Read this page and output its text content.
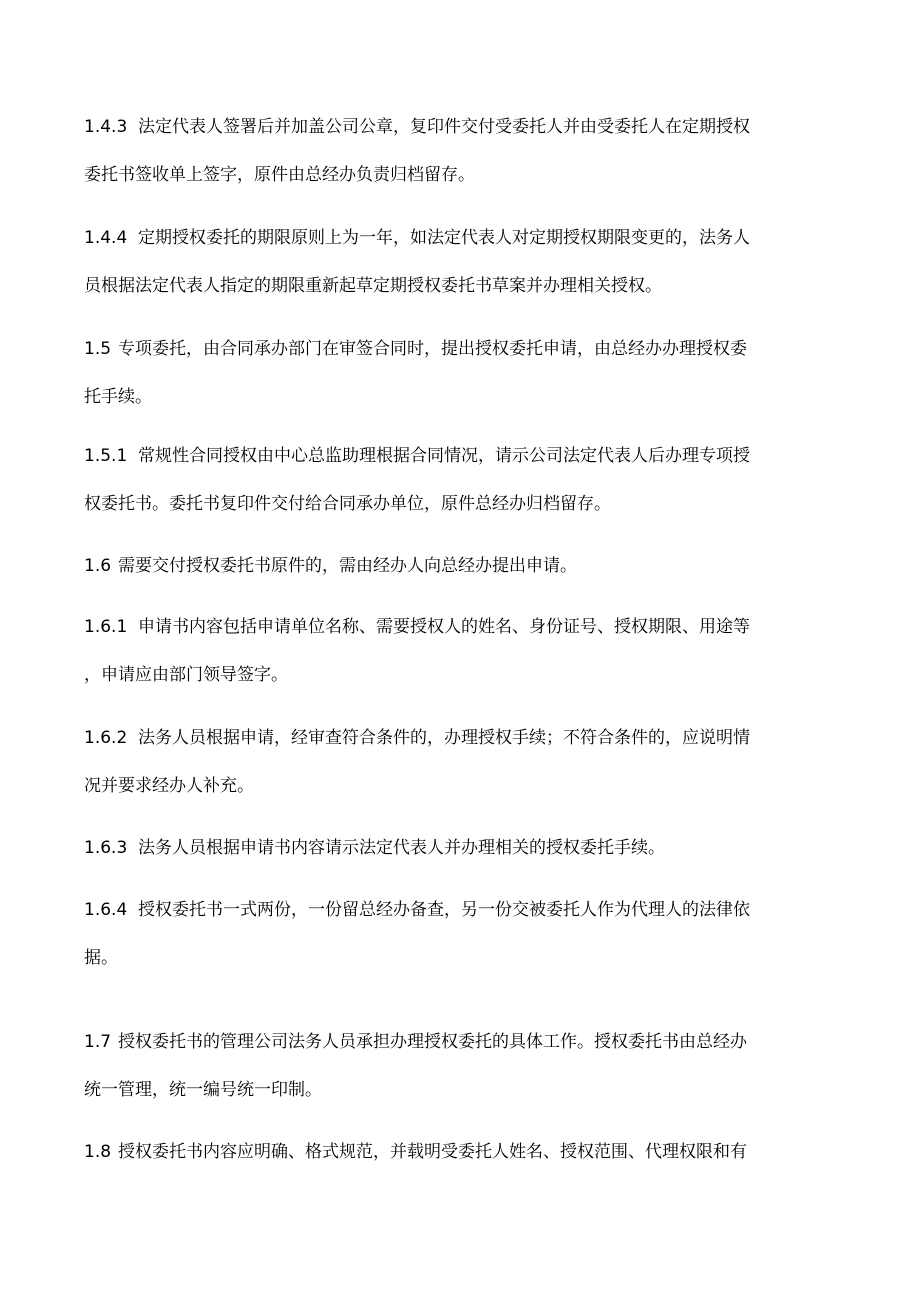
1.4.3 法定代表人签署后并加盖公司公章，复印件交付受委托人并由受委托人在定期授权
委托书签收单上签字，原件由总经办负责归档留存。

1.4.4 定期授权委托的期限原则上为一年，如法定代表人对定期授权期限变更的，法务人
员根据法定代表人指定的期限重新起草定期授权委托书草案并办理相关授权。

1.5 专项委托，由合同承办部门在审签合同时，提出授权委托申请，由总经办办理授权委
托手续。

1.5.1 常规性合同授权由中心总监助理根据合同情况，请示公司法定代表人后办理专项授
权委托书。委托书复印件交付给合同承办单位，原件总经办归档留存。

1.6 需要交付授权委托书原件的，需由经办人向总经办提出申请。

1.6.1 申请书内容包括申请单位名称、需要授权人的姓名、身份证号、授权期限、用途等
，申请应由部门领导签字。

1.6.2 法务人员根据申请，经审查符合条件的，办理授权手续；不符合条件的，应说明情
况并要求经办人补充。

1.6.3 法务人员根据申请书内容请示法定代表人并办理相关的授权委托手续。

1.6.4 授权委托书一式两份，一份留总经办备查，另一份交被委托人作为代理人的法律依
据。

1.7 授权委托书的管理公司法务人员承担办理授权委托的具体工作。授权委托书由总经办
统一管理，统一编号统一印制。

1.8 授权委托书内容应明确、格式规范，并载明受委托人姓名、授权范围、代理权限和有
